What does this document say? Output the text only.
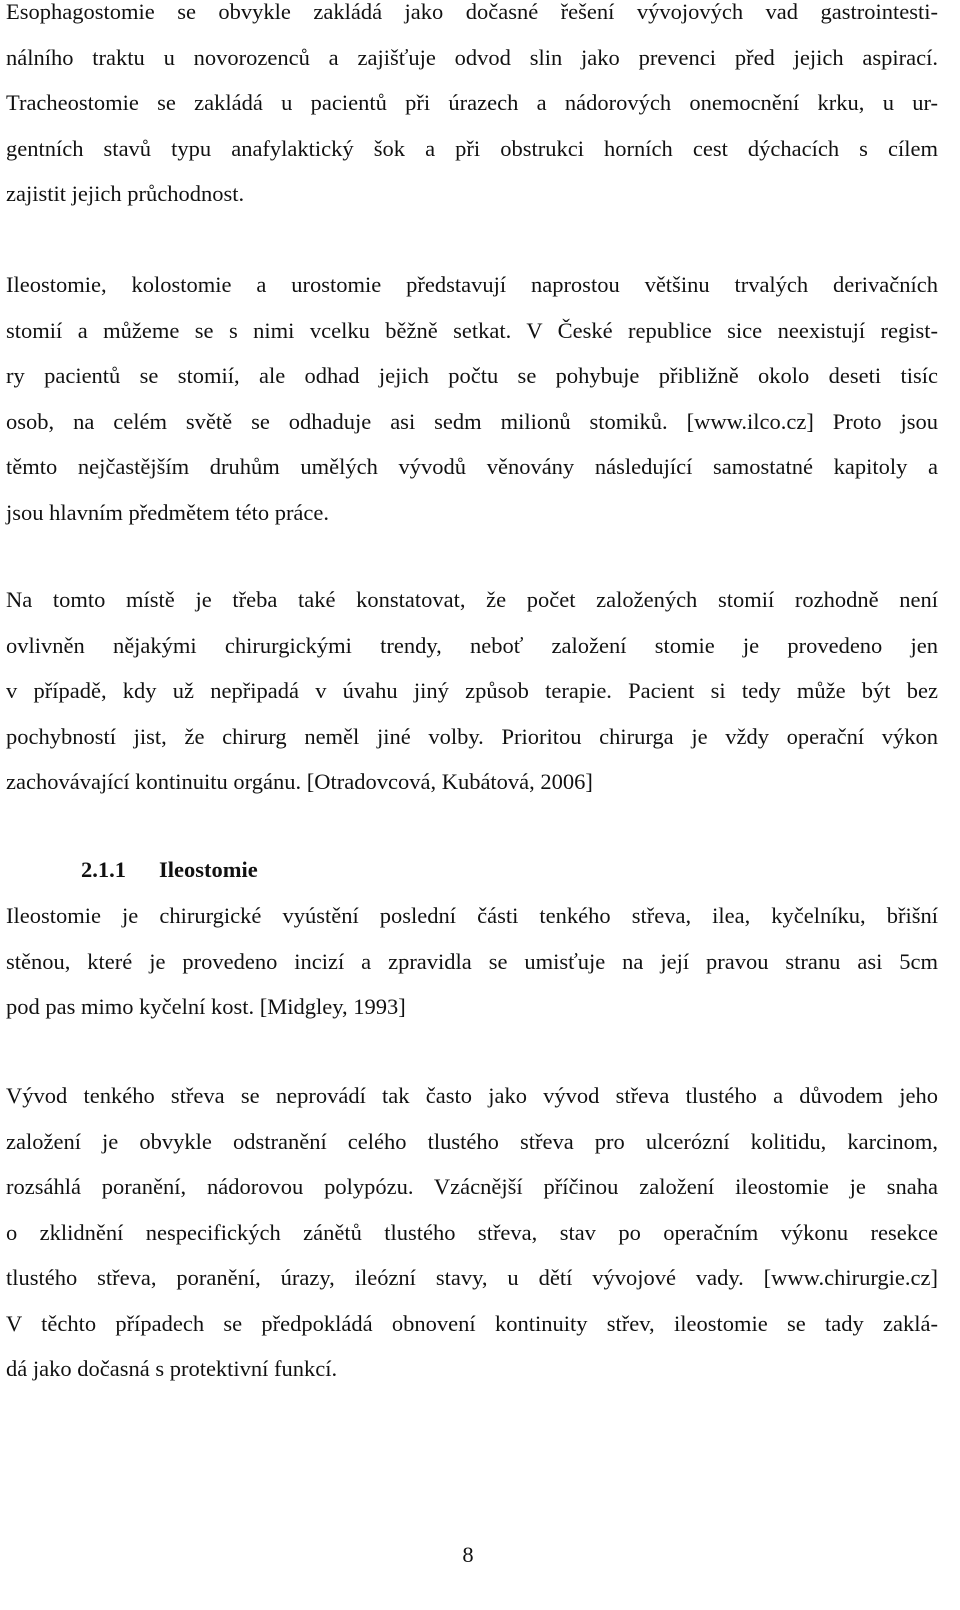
Esophagostomie se obvykle zakládá jako dočasné řešení vývojových vad gastrointesti-
nálního traktu u novorozenců a zajišťuje odvod slin jako prevenci před jejich aspirací.
Tracheostomie se zakládá u pacientů při úrazech a nádorových onemocnění krku, u ur-
gentních stavů typu anafylaktický šok a při obstrukci horních cest dýchacích s cílem
zajistit jejich průchodnost.
Ileostomie, kolostomie a urostomie představují naprostou většinu trvalých derivačních
stomií a můžeme se s nimi vcelku běžně setkat. V České republice sice neexistují regist-
ry pacientů se stomií, ale odhad jejich počtu se pohybuje přibližně okolo deseti tisíc
osob, na celém světě se odhaduje asi sedm milionů stomiků. [www.ilco.cz] Proto jsou
těmto nejčastějším druhům umělých vývodů věnovány následující samostatné kapitoly a
jsou hlavním předmětem této práce.
Na tomto místě je třeba také konstatovat, že počet založených stomií rozhodně není
ovlivněn nějakými chirurgickými trendy, neboť založení stomie je provedeno jen
v případě, kdy už nepřipadá v úvahu jiný způsob terapie. Pacient si tedy může být bez
pochybností jist, že chirurg neměl jiné volby. Prioritou chirurga je vždy operační výkon
zachovávající kontinuitu orgánu. [Otradovcová, Kubátová, 2006]
2.1.1 Ileostomie
Ileostomie je chirurgické vyústění poslední části tenkého střeva, ilea, kyčelníku, břišní
stěnou, které je provedeno incizí a zpravidla se umisťuje na její pravou stranu asi 5cm
pod pas mimo kyčelní kost. [Midgley, 1993]
Vývod tenkého střeva se neprovádí tak často jako vývod střeva tlustého a důvodem jeho
založení je obvykle odstranění celého tlustého střeva pro ulcerózní kolitidu, karcinom,
rozsáhlá poranění, nádorovou polypózu. Vzácnější příčinou založení ileostomie je snaha
o zklidnění nespecifických zánětů tlustého střeva, stav po operačním výkonu resekce
tlustého střeva, poranění, úrazy, ileózní stavy, u dětí vývojové vady. [www.chirurgie.cz]
V těchto případech se předpokládá obnovení kontinuity střev, ileostomie se tady zaklá-
dá jako dočasná s protektivní funkcí.
8
